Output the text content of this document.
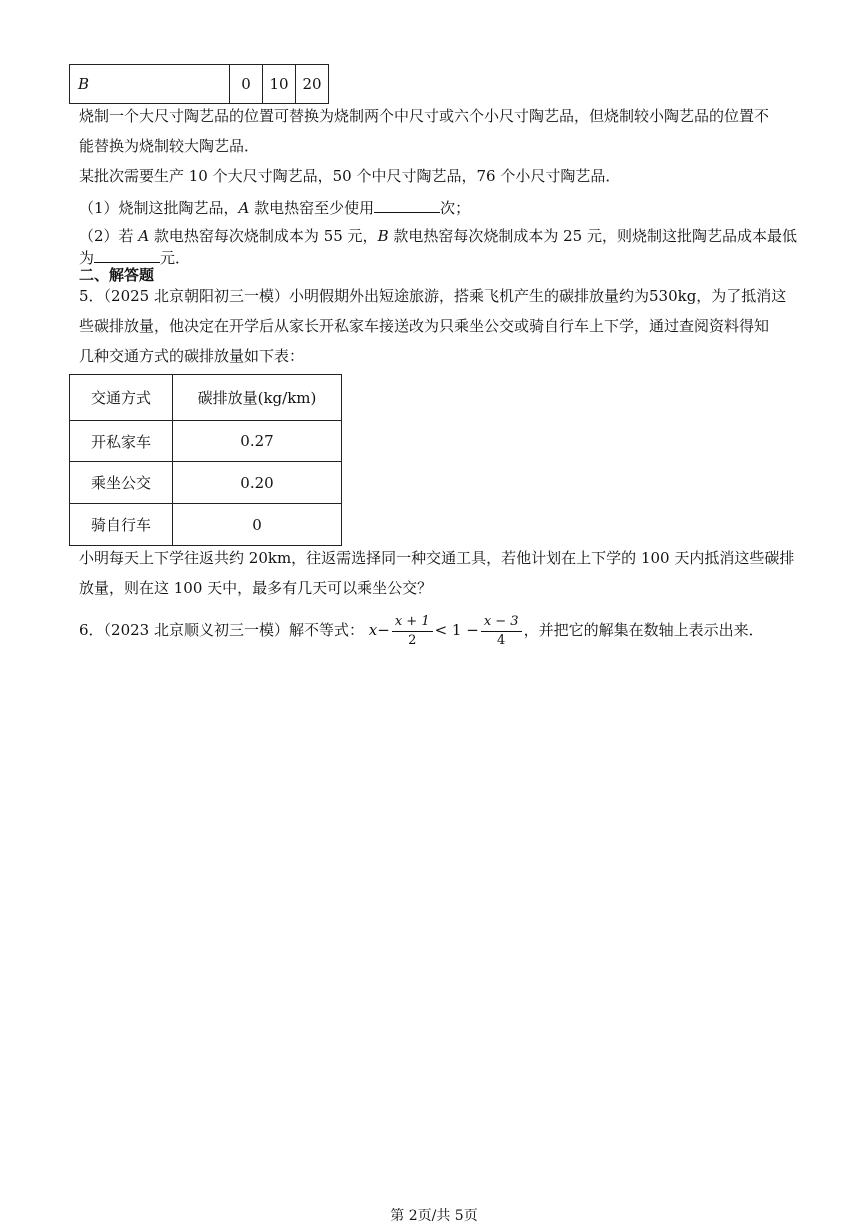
B	0	10	20
烧制一个大尺寸陶艺品的位置可替换为烧制两个中尺寸或六个小尺寸陶艺品，但烧制较小陶艺品的位置不
能替换为烧制较大陶艺品．
某批次需要生产 10 个大尺寸陶艺品，50 个中尺寸陶艺品，76 个小尺寸陶艺品．
（1）烧制这批陶艺品，A 款电热窑至少使用	次；
（2）若 A 款电热窑每次烧制成本为 55 元，B 款电热窑每次烧制成本为 25 元，则烧制这批陶艺品成本最低
为	元．
二、解答题
5．（2025 北京朝阳初三一模）小明假期外出短途旅游，搭乘飞机产生的碳排放量约为530kg，为了抵消这
些碳排放量，他决定在开学后从家长开私家车接送改为只乘坐公交或骑自行车上下学，通过查阅资料得知
几种交通方式的碳排放量如下表：
交通方式	碳排放量(kg/km)
开私家车	0.27
乘坐公交	0.20
骑自行车	0
小明每天上下学往返共约 20km，往返需选择同一种交通工具，若他计划在上下学的 100 天内抵消这些碳排
放量，则在这 100 天中，最多有几天可以乘坐公交？
6．（2023 北京顺义初三一模）解不等式： $x- \frac{x + 1}{2} < 1 - \frac{x - 3}{4}$ ，并把它的解集在数轴上表示出来．
第 2页/共 5页
